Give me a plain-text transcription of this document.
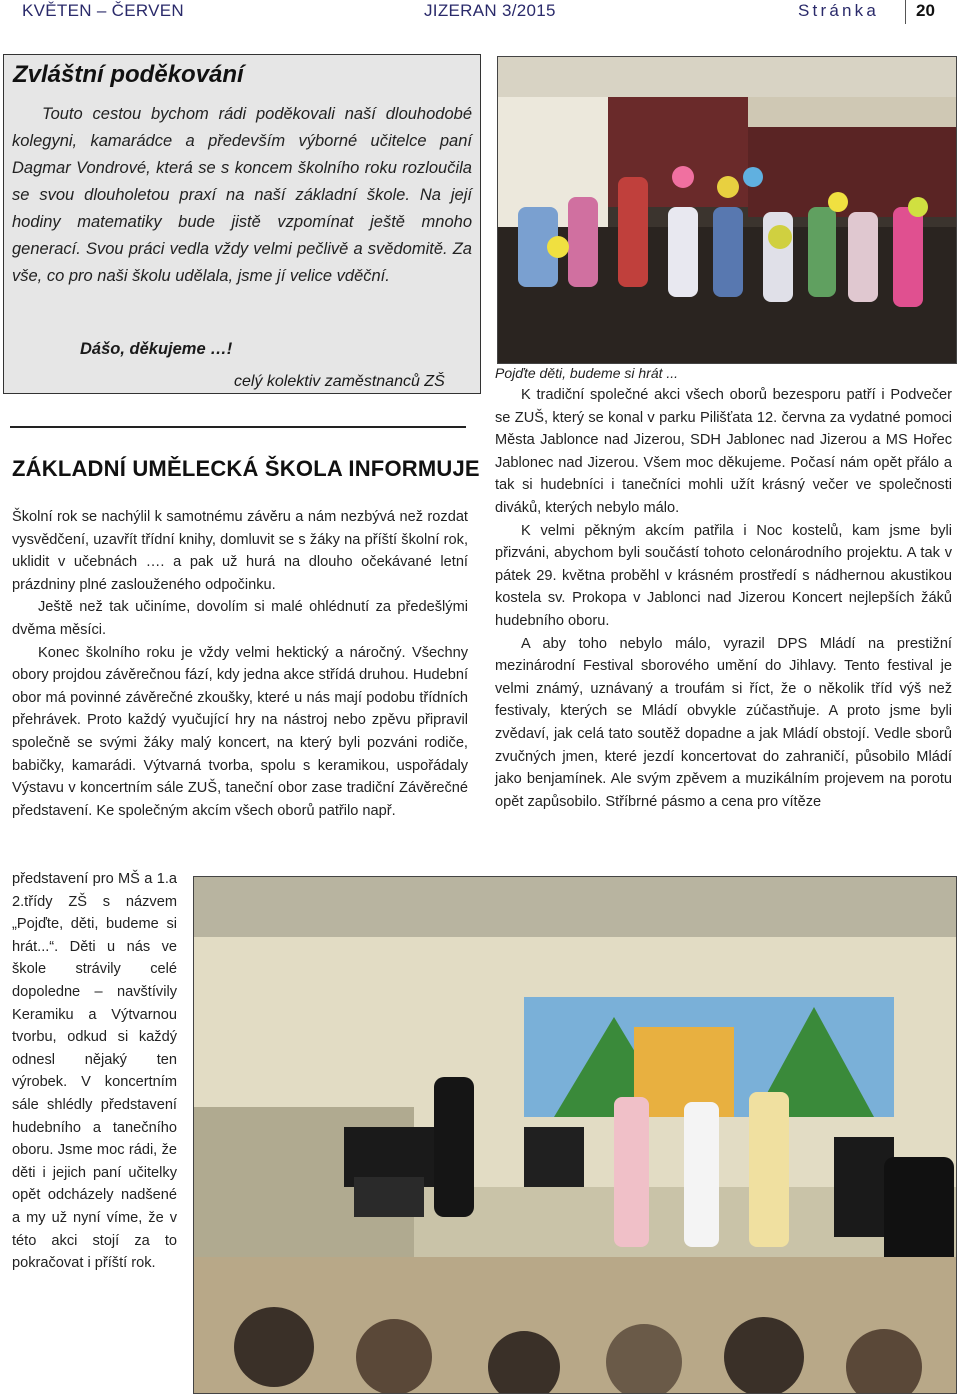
KVĚTEN – ČERVEN	JIZERAN 3/2015	Stránka 20
Zvláštní poděkování

Touto cestou bychom rádi poděkovali naší dlouhodobé kolegyni, kamarádce a především výborné učitelce paní Dagmar Vondrové, která se s koncem školního roku rozloučila se svou dlouholetou praxí na naší základní škole. Na její hodiny matematiky bude jistě vzpomínat ještě mnoho generací. Svou práci vedla vždy velmi pečlivě a svědomitě. Za vše, co pro naši školu udělala, jsme jí velice vděční.

Dášo, děkujeme …!

celý kolektiv zaměstnanců ZŠ

ZÁKLADNÍ UMĚLECKÁ ŠKOLA INFORMUJE

Školní rok se nachýlil k samotnému závěru a nám nezbývá než rozdat vysvědčení, uzavřít třídní knihy, domluvit se s žáky na příští školní rok, uklidit v učebnách …. a pak už hurá na dlouho očekávané letní prázdniny plné zaslouženého odpočinku.

Ještě než tak učiníme, dovolím si malé ohlédnutí za předešlými dvěma měsíci.

Konec školního roku je vždy velmi hektický a náročný. Všechny obory projdou závěrečnou fází, kdy jedna akce střídá druhou. Hudební obor má povinné závěrečné zkoušky, které u nás mají podobu třídních přehrávek. Proto každý vyučující hry na nástroj nebo zpěvu připravil společně se svými žáky malý koncert, na který byli pozváni rodiče, babičky, kamarádi. Výtvarná tvorba, spolu s keramikou, uspořádaly Výstavu v koncertním sále ZUŠ, taneční obor zase tradiční Závěrečné představení. Ke společným akcím všech oborů patřilo např.

představení pro MŠ a 1.a 2.třídy ZŠ s názvem „Pojďte, děti, budeme si hrát...“. Děti u nás ve škole strávily celé dopoledne – navštívily Keramiku a Výtvarnou tvorbu, odkud si každý odnesl nějaký ten výrobek. V koncertním sále shlédly představení hudebního a tanečního oboru. Jsme moc rádi, že děti i jejich paní učitelky opět odcházely nadšené a my už nyní víme, že v této akci stojí za to pokračovat i příští rok.

Pojďte děti, budeme si hrát ...

K tradiční společné akci všech oborů bezesporu patří i Podvečer se ZUŠ, který se konal v parku Pilišťata 12. června za vydatné pomoci Města Jablonce nad Jizerou, SDH Jablonec nad Jizerou a MS Hořec Jablonec nad Jizerou. Všem moc děkujeme. Počasí nám opět přálo a tak si hudebníci i tanečníci mohli užít krásný večer ve společnosti diváků, kterých nebylo málo.

K velmi pěkným akcím patřila i Noc kostelů, kam jsme byli přizváni, abychom byli součástí tohoto celonárodního projektu. A tak v pátek 29. května proběhl v krásném prostředí s nádhernou akustikou kostela sv. Prokopa v Jablonci nad Jizerou Koncert nejlepších žáků hudebního oboru.

A aby toho nebylo málo, vyrazil DPS Mládí na prestižní mezinárodní Festival sborového umění do Jihlavy. Tento festival je velmi známý, uznávaný a troufám si říct, že o několik tříd výš než festivaly, kterých se Mládí obvykle zúčastňuje. A proto jsme byli zvědaví, jak celá tato soutěž dopadne a jak Mládí obstojí. Vedle sborů zvučných jmen, které jezdí koncertovat do zahraničí, působilo Mládí jako benjamínek. Ale svým zpěvem a muzikálním projevem na porotu opět zapůsobilo. Stříbrné pásmo a cena pro vítěze
